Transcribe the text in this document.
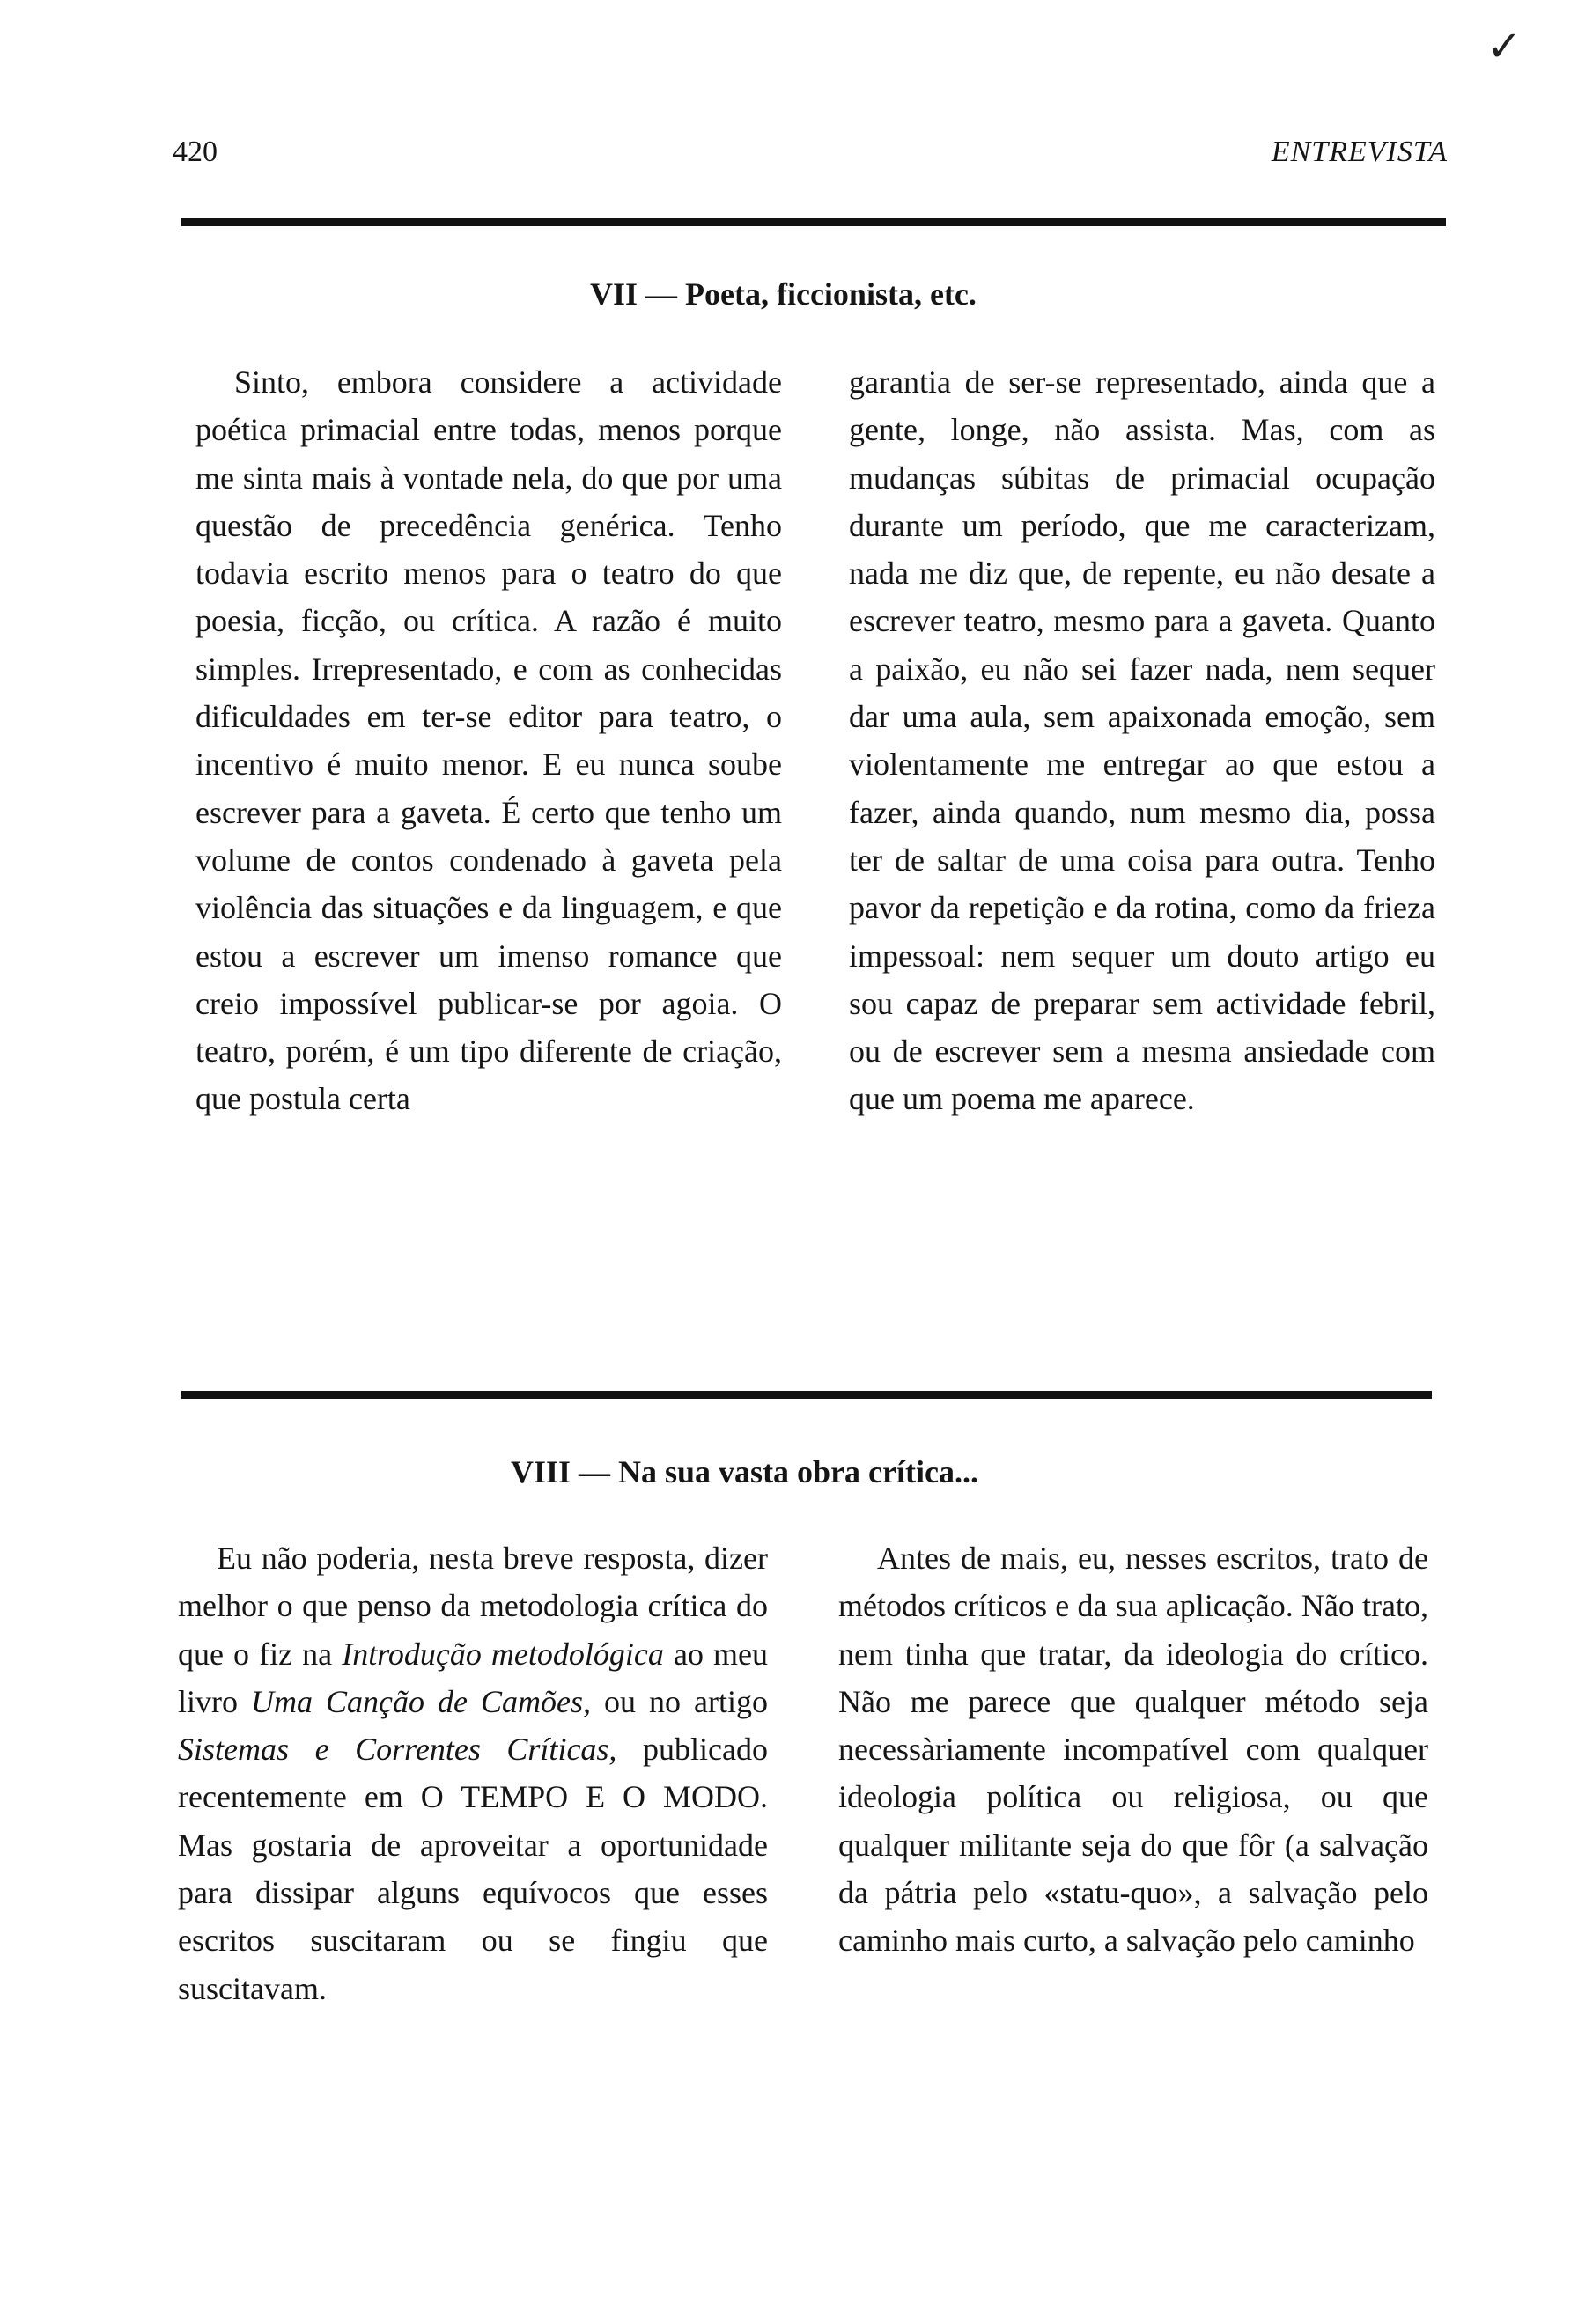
✓
420	ENTREVISTA
VII — Poeta, ficcionista, etc.
Sinto, embora considere a actividade poética primacial entre todas, menos porque me sinta mais à vontade nela, do que por uma questão de precedência genérica. Tenho todavia escrito menos para o teatro do que poesia, ficção, ou crítica. A razão é muito simples. Irrepresentado, e com as conhecidas dificuldades em ter-se editor para teatro, o incentivo é muito menor. E eu nunca soube escrever para a gaveta. É certo que tenho um volume de contos condenado à gaveta pela violência das situações e da linguagem, e que estou a escrever um imenso romance que creio impossível publicar-se por agoia. O teatro, porém, é um tipo diferente de criação, que postula certa
garantia de ser-se representado, ainda que a gente, longe, não assista. Mas, com as mudanças súbitas de primacial ocupação durante um período, que me caracterizam, nada me diz que, de repente, eu não desate a escrever teatro, mesmo para a gaveta. Quanto a paixão, eu não sei fazer nada, nem sequer dar uma aula, sem apaixonada emoção, sem violentamente me entregar ao que estou a fazer, ainda quando, num mesmo dia, possa ter de saltar de uma coisa para outra. Tenho pavor da repetição e da rotina, como da frieza impessoal: nem sequer um douto artigo eu sou capaz de preparar sem actividade febril, ou de escrever sem a mesma ansiedade com que um poema me aparece.
VIII — Na sua vasta obra crítica...
Eu não poderia, nesta breve resposta, dizer melhor o que penso da metodologia crítica do que o fiz na Introdução metodológica ao meu livro Uma Canção de Camões, ou no artigo Sistemas e Correntes Críticas, publicado recentemente em O TEMPO E O MODO. Mas gostaria de aproveitar a oportunidade para dissipar alguns equívocos que esses escritos suscitaram ou se fingiu que suscitavam.
Antes de mais, eu, nesses escritos, trato de métodos críticos e da sua aplicação. Não trato, nem tinha que tratar, da ideologia do crítico. Não me parece que qualquer método seja necessàriamente incompatível com qualquer ideologia política ou religiosa, ou que qualquer militante seja do que fôr (a salvação da pátria pelo «statu-quo», a salvação pelo caminho mais curto, a salvação pelo caminho
